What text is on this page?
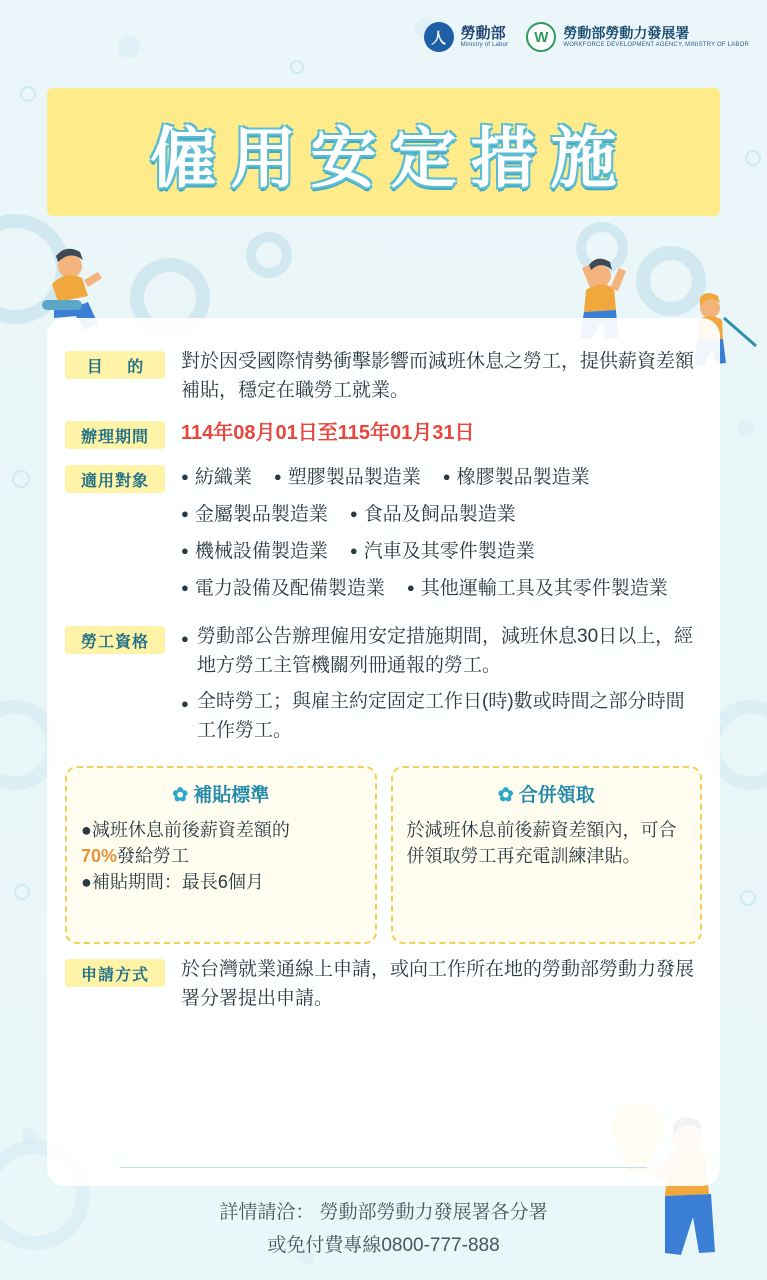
人 勞動部
Ministry of Labor	W	勞動部勞動力發展署
WORKFORCE DEVELOPMENT AGENCY, MINISTRY OF LABOR
僱用安定措施
目 的	對於因受國際情勢衝擊影響而減班休息之勞工，提供薪資差額補貼，穩定在職勞工就業。
辦理期間	114年08月01日至115年01月31日
適用對象	● 紡織業	● 塑膠製品製造業	● 橡膠製品製造業
● 金屬製品製造業	● 食品及飼品製造業
● 機械設備製造業	● 汽車及其零件製造業
● 電力設備及配備製造業	● 其他運輸工具及其零件製造業
勞工資格	● 勞動部公告辦理僱用安定措施期間，減班休息30日以上，經地方勞工主管機關列冊通報的勞工。
● 全時勞工；與雇主約定固定工作日(時)數或時間之部分時間工作勞工。
✿ 補貼標準

●減班休息前後薪資差額的
70%發給勞工

●補貼期間：最長6個月

✿ 合併領取

於減班休息前後薪資差額內，可合併領取勞工再充電訓練津貼。

申請方式	於台灣就業通線上申請，或向工作所在地的勞動部勞動力發展署分署提出申請。
詳情請洽： 勞動部勞動力發展署各分署
或免付費專線0800-777-888
